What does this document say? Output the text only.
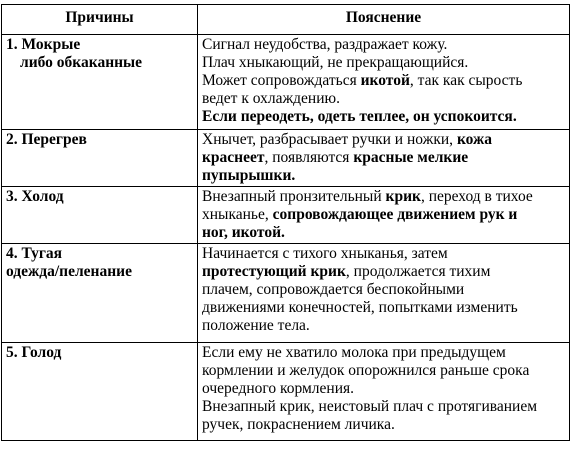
Причины	Пояснение

1. Мокрые
либо обкаканные	Сигнал неудобства, раздражает кожу.
Плач хныкающий, не прекращающийся.
Может сопровождаться икотой, так как сырость
ведет к охлаждению.
Если переодеть, одеть теплее, он успокоится.

2. Перегрев	Хнычет, разбрасывает ручки и ножки, кожа
краснеет, появляются красные мелкие
пупырышки.

3. Холод	Внезапный пронзительный крик, переход в тихое
хныканье, сопровождающее движением рук и
ног, икотой.

4. Тугая
одежда/пеленание	Начинается с тихого хныканья, затем
протестующий крик, продолжается тихим
плачем, сопровождается беспокойными
движениями конечностей, попытками изменить
положение тела.

5. Голод	Если ему не хватило молока при предыдущем
кормлении и желудок опорожнился раньше срока
очередного кормления.
Внезапный крик, неистовый плач с протягиванием
ручек, покраснением личика.
